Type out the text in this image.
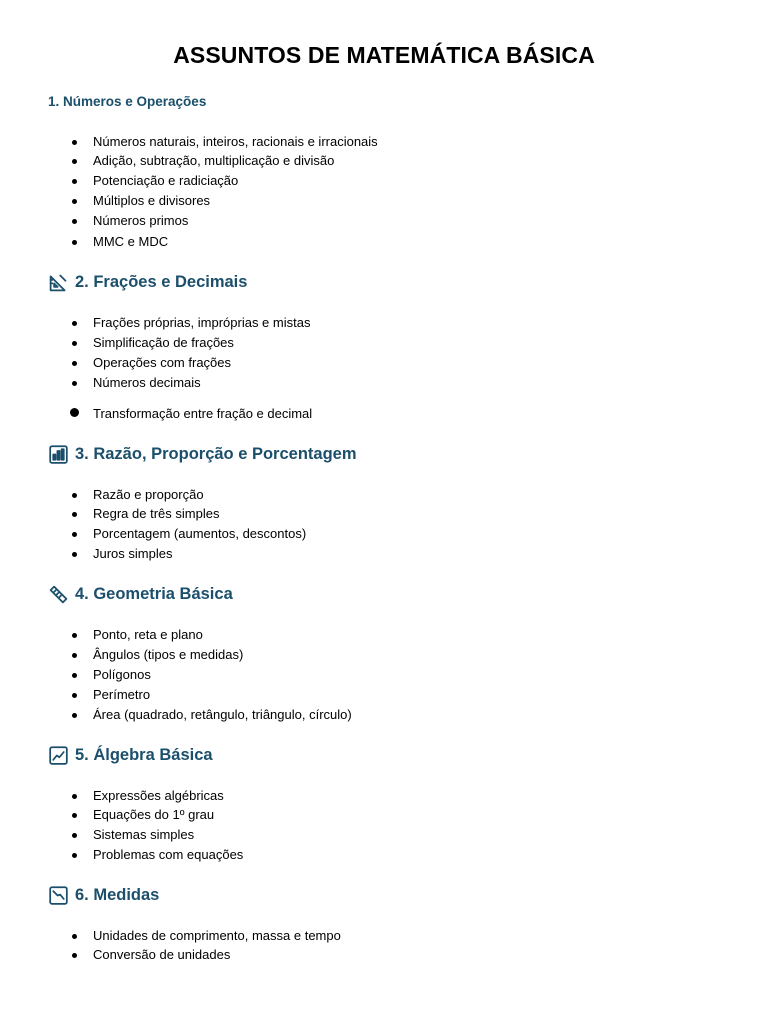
ASSUNTOS DE MATEMÁTICA BÁSICA
1. Números e Operações
Números naturais, inteiros, racionais e irracionais
Adição, subtração, multiplicação e divisão
Potenciação e radiciação
Múltiplos e divisores
Números primos
MMC e MDC
2. Frações e Decimais
Frações próprias, impróprias e mistas
Simplificação de frações
Operações com frações
Números decimais
Transformação entre fração e decimal
3. Razão, Proporção e Porcentagem
Razão e proporção
Regra de três simples
Porcentagem (aumentos, descontos)
Juros simples
4. Geometria Básica
Ponto, reta e plano
Ângulos (tipos e medidas)
Polígonos
Perímetro
Área (quadrado, retângulo, triângulo, círculo)
5. Álgebra Básica
Expressões algébricas
Equações do 1º grau
Sistemas simples
Problemas com equações
6. Medidas
Unidades de comprimento, massa e tempo
Conversão de unidades
